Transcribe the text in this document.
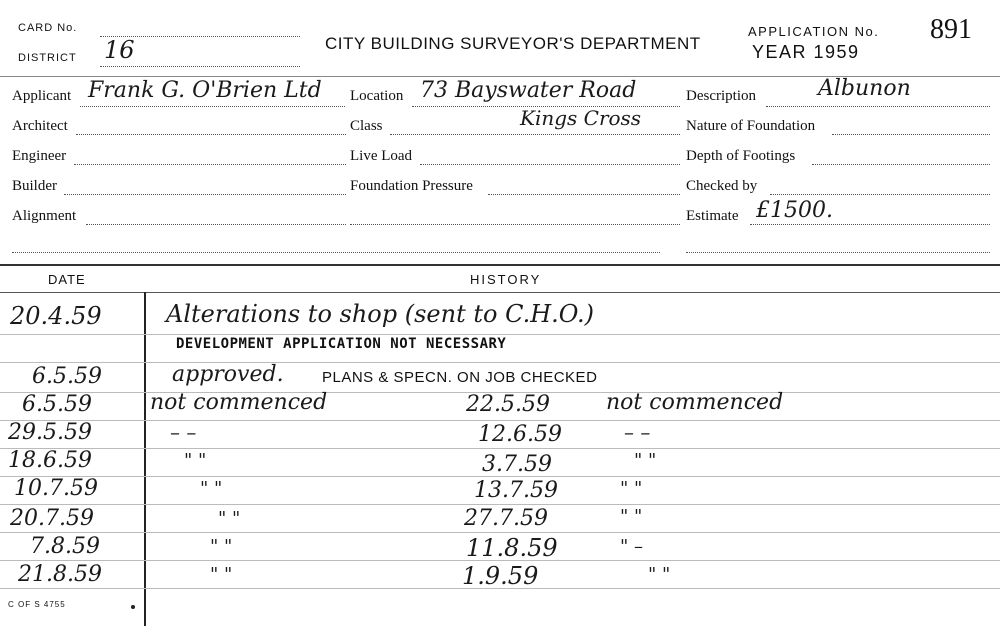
CARD No.
DISTRICT 16	CITY BUILDING SURVEYOR'S DEPARTMENT
APPLICATION No. 891
YEAR 1959
Applicant Frank G. O'Brien Ltd
Architect
Engineer
Builder
Alignment
Location 73 Bayswater Road
Class	Kings Cross
Live Load
Foundation Pressure
Description	Albunon
Nature of Foundation
Depth of Footings
Checked by
Estimate £1500.
DATE	HISTORY
20.4.59	Alterations to shop (sent to C.H.O.)
DEVELOPMENT APPLICATION NOT NECESSARY
6.5.59	approved.	PLANS & SPECN. ON JOB CHECKED
6.5.59	not commenced	22.5.59	not commenced
29.5.59	– –	12.6.59	– –
18.6.59	" "	3.7.59	" "
10.7.59	" "	13.7.59	" "
20.7.59	" "	27.7.59	" "
7.8.59	" "	11.8.59	" –
21.8.59	" "	1.9.59	" "
C OF S 4755
